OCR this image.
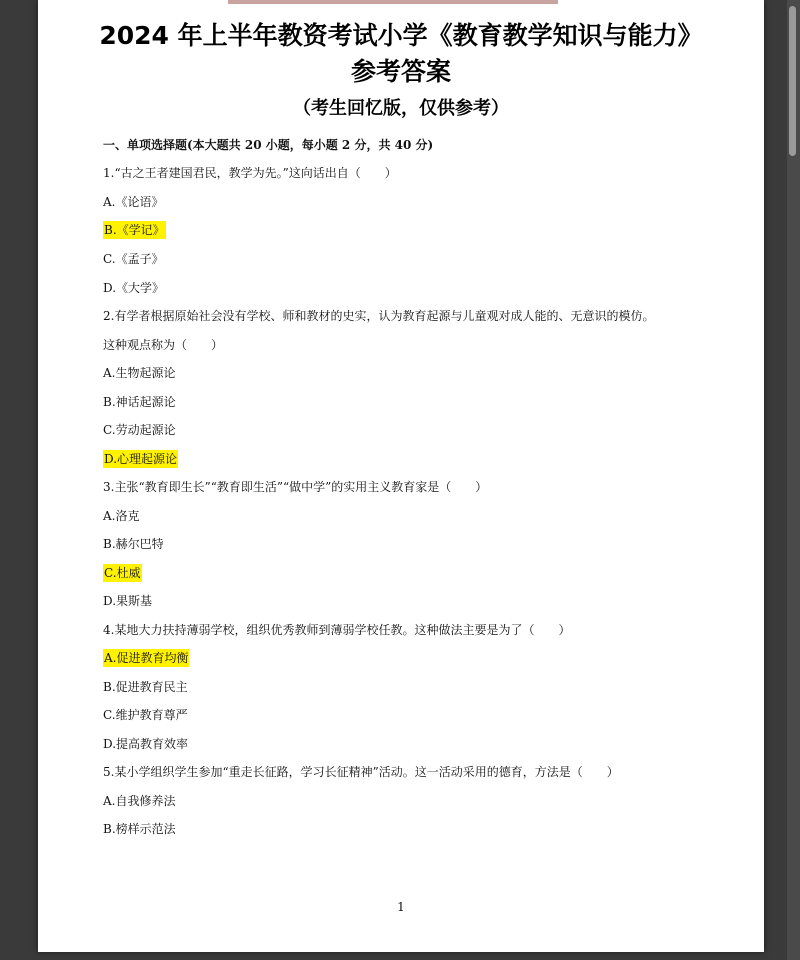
2024 年上半年教资考试小学《教育教学知识与能力》
参考答案
（考生回忆版，仅供参考）
一、单项选择题(本大题共 20 小题，每小题 2 分，共 40 分)
1.“古之王者建国君民，教学为先。”这向话出自（　　）
A.《论语》
B.《学记》
C.《孟子》
D.《大学》
2.有学者根据原始社会没有学校、师和教材的史实，认为教育起源与儿童观对成人能的、无意识的模仿。
这种观点称为（　　）
A.生物起源论
B.神话起源论
C.劳动起源论
D.心理起源论
3.主张“教育即生长”“教育即生活”“做中学”的实用主义教育家是（　　）
A.洛克
B.赫尔巴特
C.杜威
D.果斯基
4.某地大力扶持薄弱学校，组织优秀教师到薄弱学校任教。这种做法主要是为了（　　）
A.促进教育均衡
B.促进教育民主
C.维护教育尊严
D.提高教育效率
5.某小学组织学生参加“重走长征路，学习长征精神”活动。这一活动采用的德育，方法是（　　）
A.自我修养法
B.榜样示范法
1
